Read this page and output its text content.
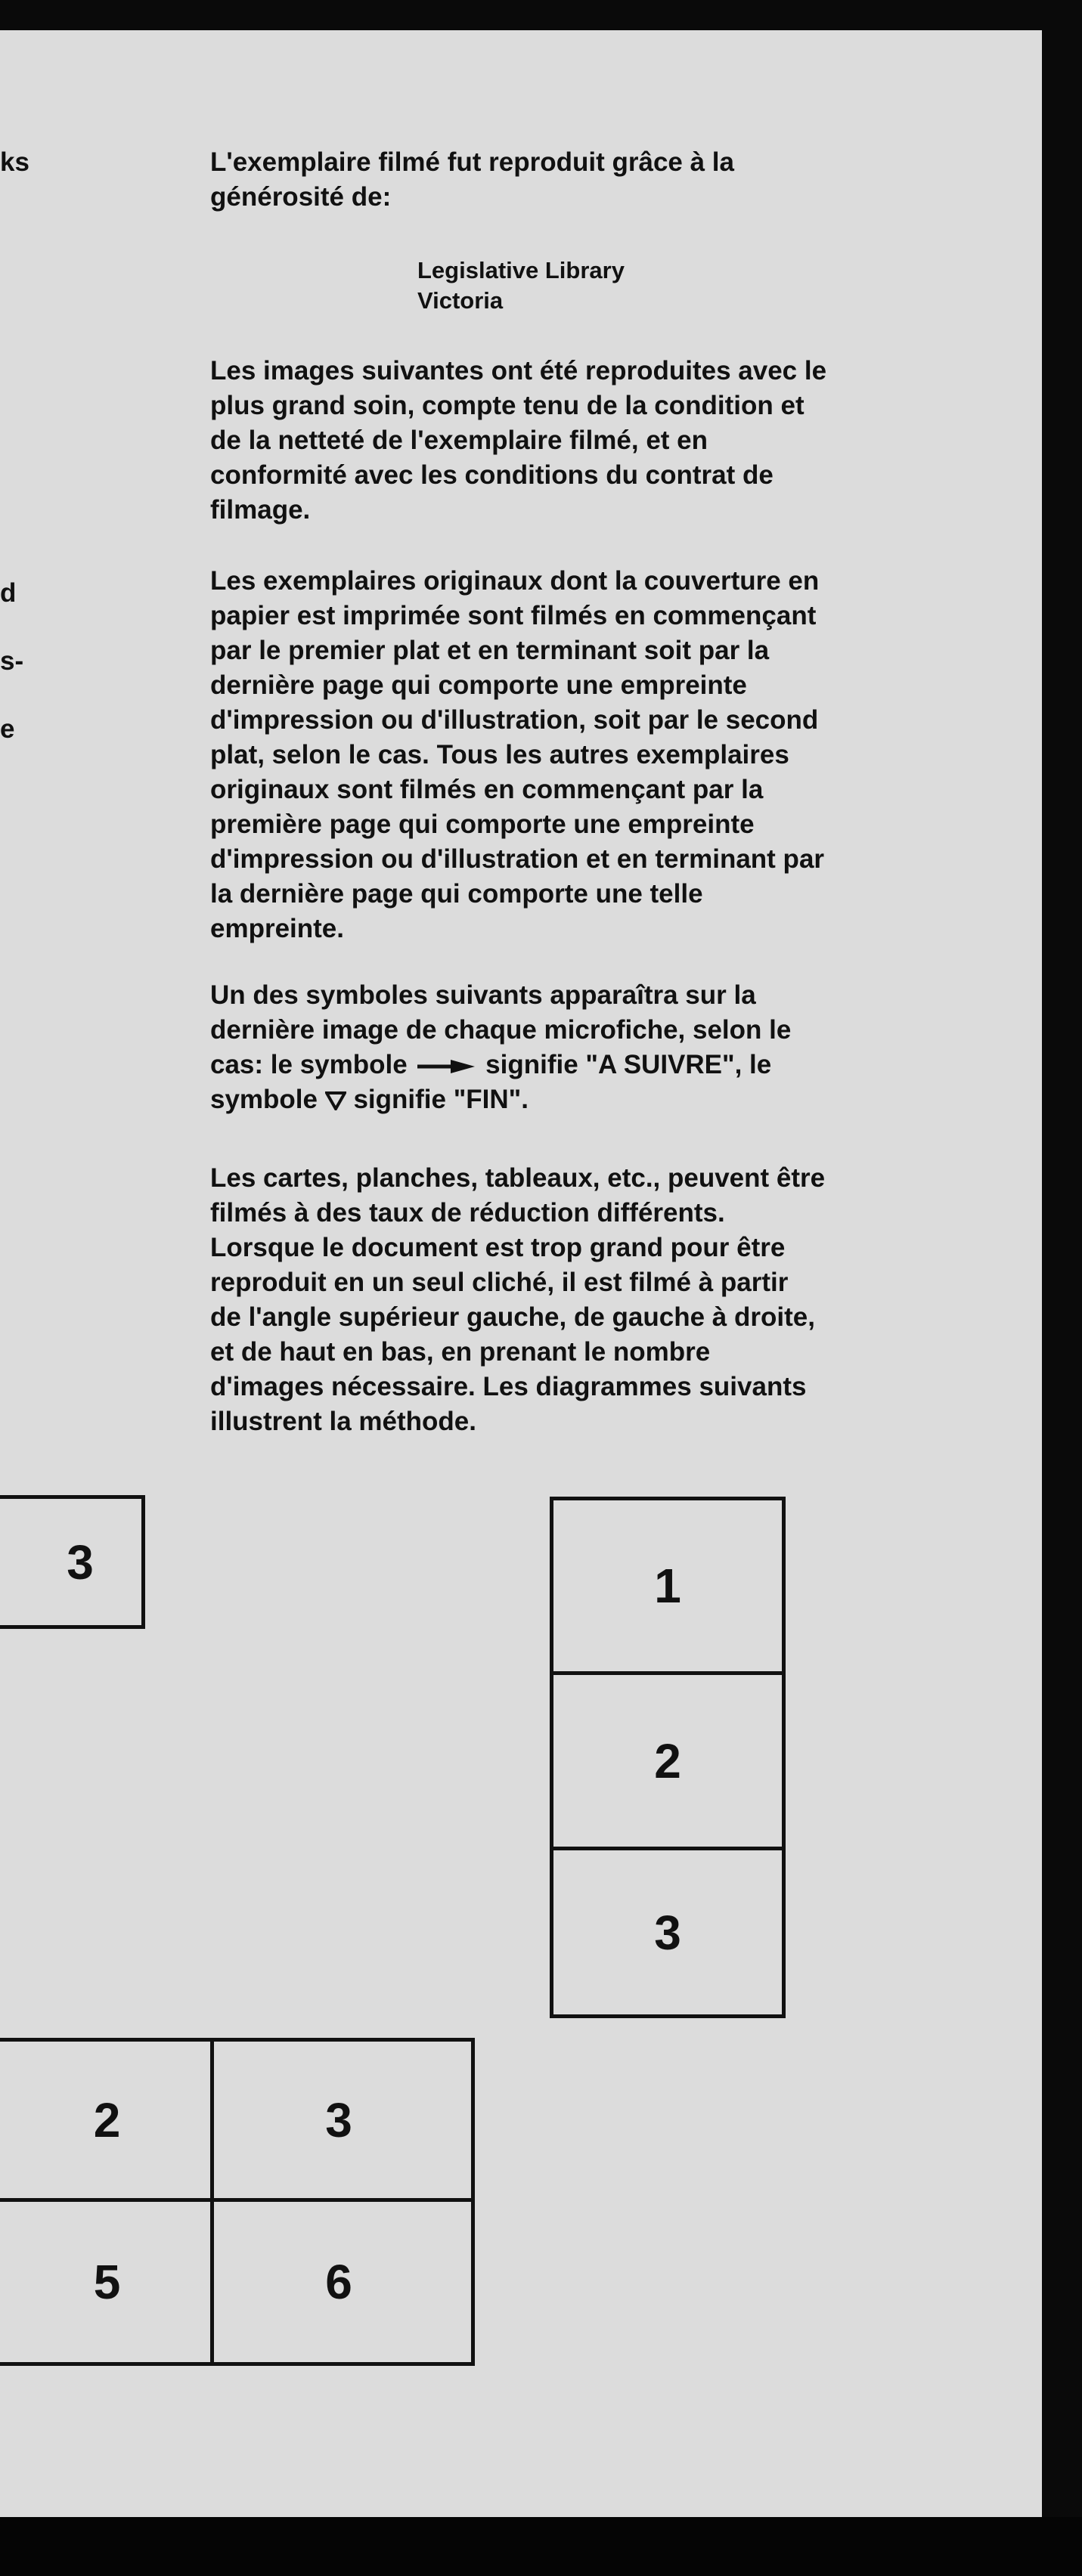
ks
d
s-
e
L'exemplaire filmé fut reproduit grâce à la
générosité de:
Legislative Library
Victoria
Les images suivantes ont été reproduites avec le
plus grand soin, compte tenu de la condition et
de la netteté de l'exemplaire filmé, et en
conformité avec les conditions du contrat de
filmage.
Les exemplaires originaux dont la couverture en
papier est imprimée sont filmés en commençant
par le premier plat et en terminant soit par la
dernière page qui comporte une empreinte
d'impression ou d'illustration, soit par le second
plat, selon le cas. Tous les autres exemplaires
originaux sont filmés en commençant par la
première page qui comporte une empreinte
d'impression ou d'illustration et en terminant par
la dernière page qui comporte une telle
empreinte.
Un des symboles suivants apparaîtra sur la
dernière image de chaque microfiche, selon le
cas: le symbole	signifie "A SUIVRE", le
symbole signifie "FIN".
Les cartes, planches, tableaux, etc., peuvent être
filmés à des taux de réduction différents.
Lorsque le document est trop grand pour être
reproduit en un seul cliché, il est filmé à partir
de l'angle supérieur gauche, de gauche à droite,
et de haut en bas, en prenant le nombre
d'images nécessaire. Les diagrammes suivants
illustrent la méthode.
3	1
2
3
2	3
5	6
